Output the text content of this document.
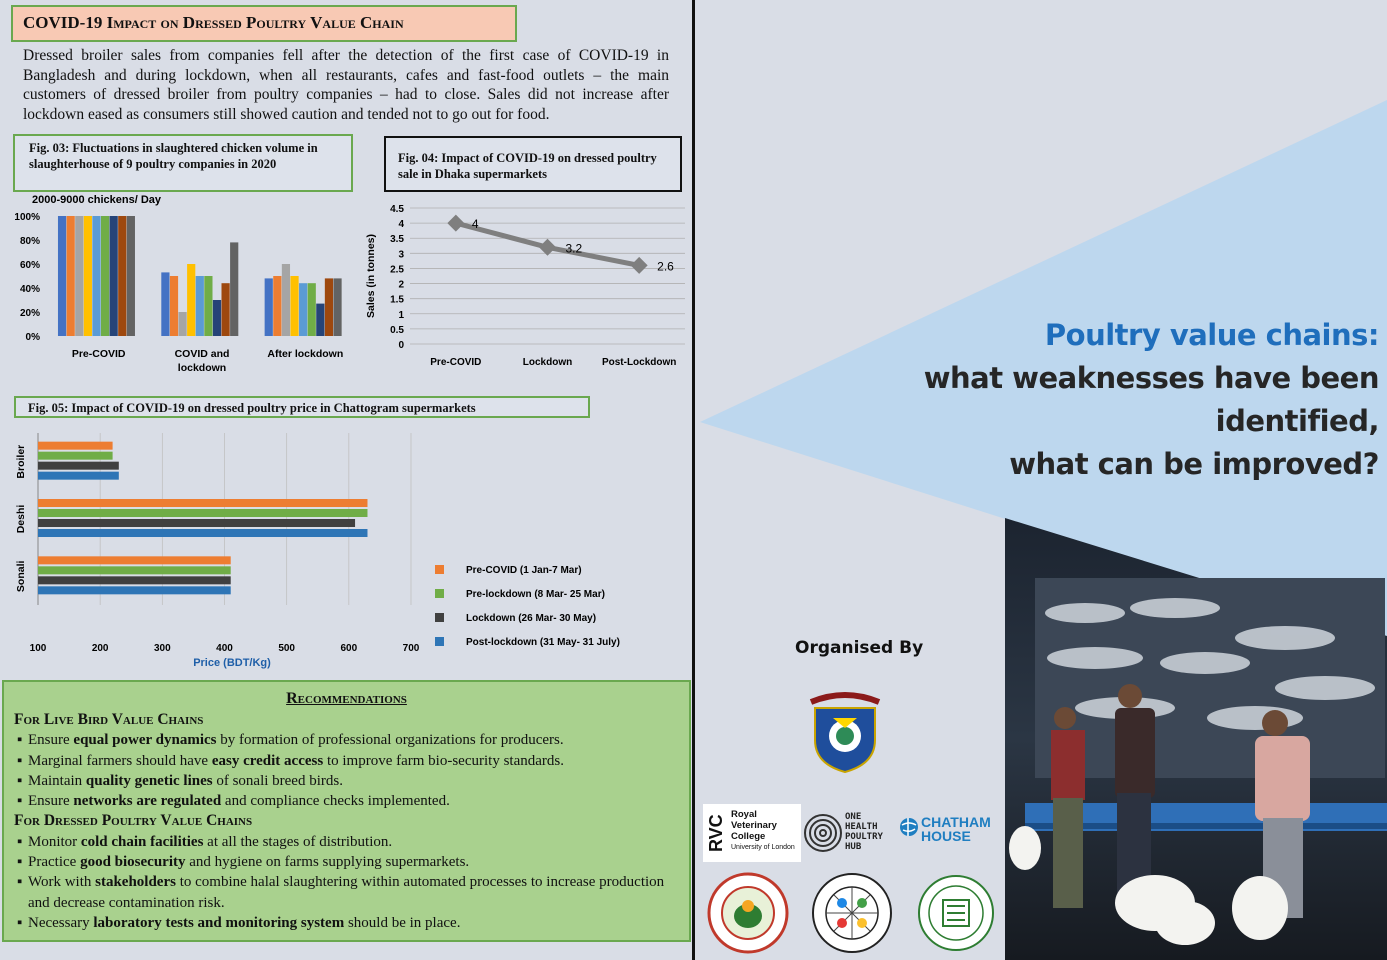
COVID-19 Impact on Dressed Poultry Value Chain
Dressed broiler sales from companies fell after the detection of the first case of COVID-19 in Bangladesh and during lockdown, when all restaurants, cafes and fast-food outlets – the main customers of dressed broiler from poultry companies – had to close. Sales did not increase after lockdown eased as consumers still showed caution and tended not to go out for food.
Fig. 03: Fluctuations in slaughtered chicken volume in slaughterhouse of 9 poultry companies in 2020	Fig. 04: Impact of COVID-19 on dressed poultry sale in Dhaka supermarkets
2000-9000 chickens/ Day
0%
20%
40%
60%
80%
100%
Pre-COVID	COVID and
lockdown
After lockdown
0
0.5
1
1.5
2
2.5
3
3.5
4
4.5
Sales (in tonnes)
4
Pre-COVID
3.2
Lockdown
2.6
Post-Lockdown
Fig. 05: Impact of COVID-19 on dressed poultry price in Chattogram supermarkets
100	200	300	400	500	600	700
Price (BDT/Kg)
Broiler
Deshi
Sonali	Pre-COVID (1 Jan-7 Mar)
Pre-lockdown (8 Mar- 25 Mar)
Lockdown (26 Mar- 30 May)
Post-lockdown (31 May- 31 July)
Recommendations
For Live Bird Value Chains
▪ Ensure equal power dynamics by formation of professional organizations for producers.
▪ Marginal farmers should have easy credit access to improve farm bio-security standards.
▪ Maintain quality genetic lines of sonali breed birds.
▪ Ensure networks are regulated and compliance checks implemented.
For Dressed Poultry Value Chains
▪ Monitor cold chain facilities at all the stages of distribution.
▪ Practice good biosecurity and hygiene on farms supplying supermarkets.
▪ Work with stakeholders to combine halal slaughtering within automated processes to increase production and decrease contamination risk.
▪ Necessary laboratory tests and monitoring system should be in place.
Poultry value chains:
what weaknesses have been
identified,
what can be improved?
Organised By
RVC Royal
Veterinary
College
University of London
ONE
HEALTH
POULTRY
HUB
CHATHAM
HOUSE
